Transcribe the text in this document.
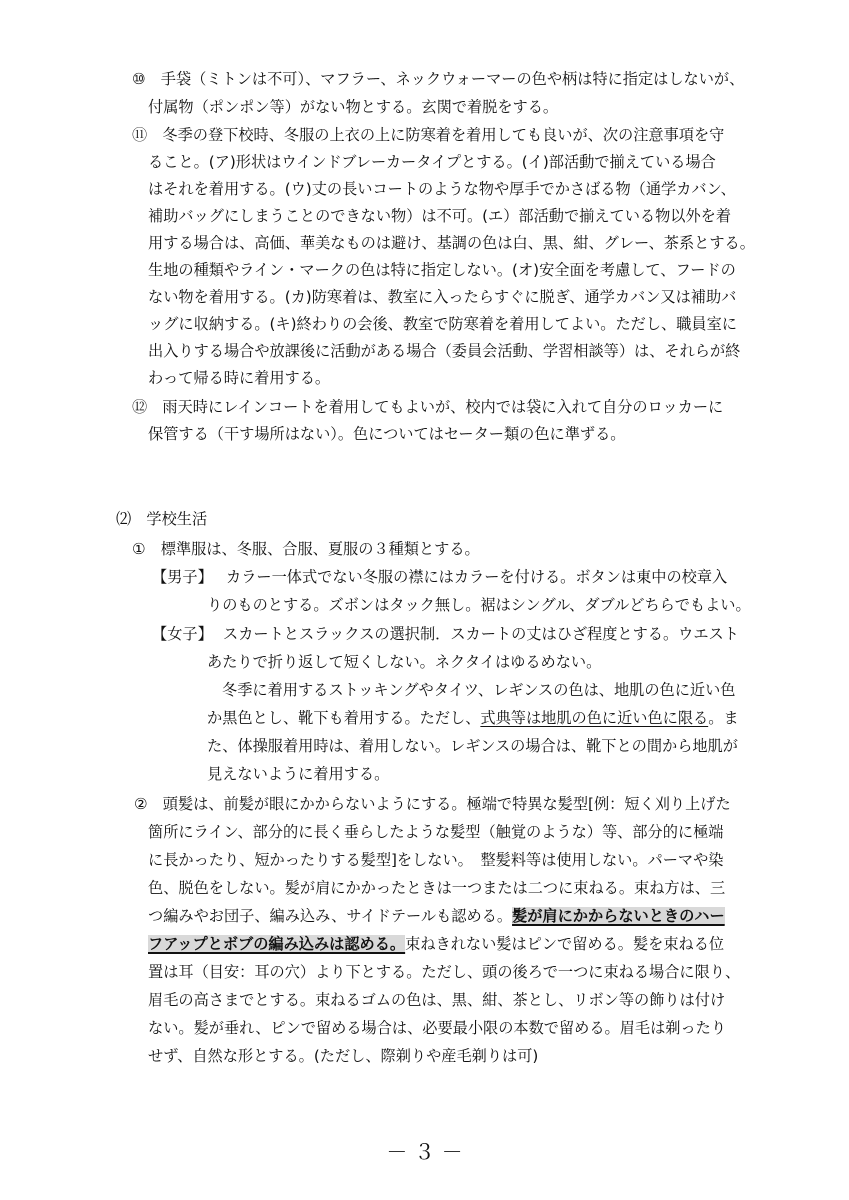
⑩　手袋（ミトンは不可）、マフラー、ネックウォーマーの色や柄は特に指定はしないが、
付属物（ポンポン等）がない物とする。玄関で着脱をする。
⑪　冬季の登下校時、冬服の上衣の上に防寒着を着用しても良いが、次の注意事項を守
ること。(ア)形状はウインドブレーカータイプとする。(イ)部活動で揃えている場合
はそれを着用する。(ウ)丈の長いコートのような物や厚手でかさばる物（通学カバン、
補助バッグにしまうことのできない物）は不可。(エ）部活動で揃えている物以外を着
用する場合は、高価、華美なものは避け、基調の色は白、黒、紺、グレー、茶系とする。
生地の種類やライン・マークの色は特に指定しない。(オ)安全面を考慮して、フードの
ない物を着用する。(カ)防寒着は、教室に入ったらすぐに脱ぎ、通学カバン又は補助バ
ッグに収納する。(キ)終わりの会後、教室で防寒着を着用してよい。ただし、職員室に
出入りする場合や放課後に活動がある場合（委員会活動、学習相談等）は、それらが終
わって帰る時に着用する。
⑫　雨天時にレインコートを着用してもよいが、校内では袋に入れて自分のロッカーに
保管する（干す場所はない）。色についてはセーター類の色に準ずる。
⑵　学校生活
①　標準服は、冬服、合服、夏服の３種類とする。
【男子】 カラー一体式でない冬服の襟にはカラーを付ける。ボタンは東中の校章入
りのものとする。ズボンはタック無し。裾はシングル、ダブルどちらでもよい。
【女子】 スカートとスラックスの選択制．スカートの丈はひざ程度とする。ウエスト
あたりで折り返して短くしない。ネクタイはゆるめない。
冬季に着用するストッキングやタイツ、レギンスの色は、地肌の色に近い色
か黒色とし、靴下も着用する。ただし、式典等は地肌の色に近い色に限る。ま
た、体操服着用時は、着用しない。レギンスの場合は、靴下との間から地肌が
見えないように着用する。
②　頭髪は、前髪が眼にかからないようにする。極端で特異な髪型[例：短く刈り上げた
箇所にライン、部分的に長く垂らしたような髪型（触覚のような）等、部分的に極端
に長かったり、短かったりする髪型]をしない。　整髪料等は使用しない。パーマや染
色、脱色をしない。髪が肩にかかったときは一つまたは二つに束ねる。束ね方は、三
つ編みやお団子、編み込み、サイドテールも認める。髪が肩にかからないときのハー
フアップとボブの編み込みは認める。束ねきれない髪はピンで留める。髪を束ねる位
置は耳（目安：耳の穴）より下とする。ただし、頭の後ろで一つに束ねる場合に限り、
眉毛の高さまでとする。束ねるゴムの色は、黒、紺、茶とし、リボン等の飾りは付け
ない。髪が垂れ、ピンで留める場合は、必要最小限の本数で留める。眉毛は剃ったり
せず、自然な形とする。(ただし、際剃りや産毛剃りは可)
－ ３ －
